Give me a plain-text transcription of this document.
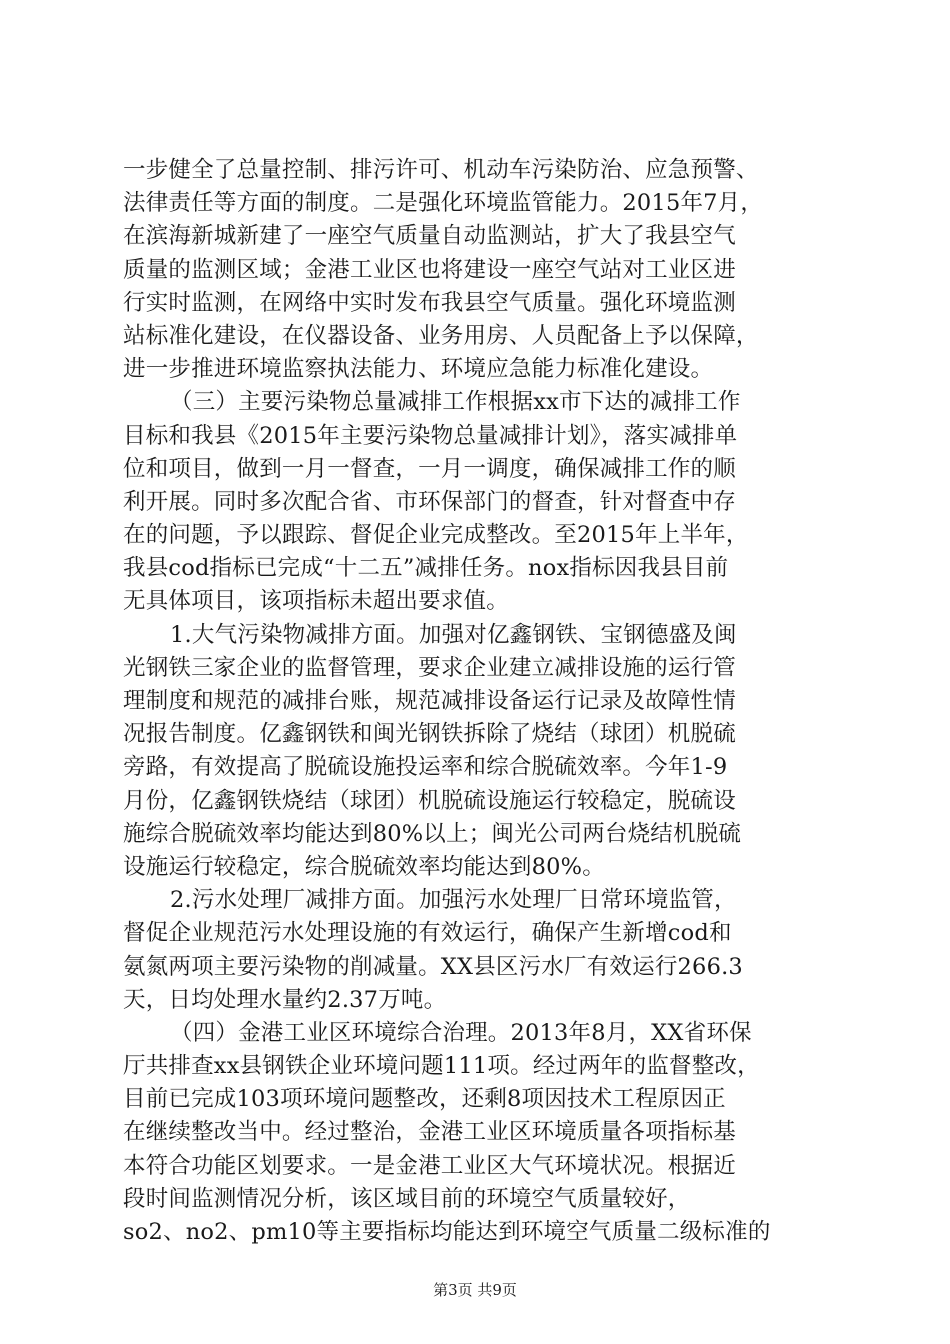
一步健全了总量控制、排污许可、机动车污染防治、应急预警、
法律责任等方面的制度。二是强化环境监管能力。2015年7月，
在滨海新城新建了一座空气质量自动监测站，扩大了我县空气
质量的监测区域；金港工业区也将建设一座空气站对工业区进
行实时监测，在网络中实时发布我县空气质量。强化环境监测
站标准化建设，在仪器设备、业务用房、人员配备上予以保障，
进一步推进环境监察执法能力、环境应急能力标准化建设。
（三）主要污染物总量减排工作根据xx市下达的减排工作
目标和我县《2015年主要污染物总量减排计划》，落实减排单
位和项目，做到一月一督查，一月一调度，确保减排工作的顺
利开展。同时多次配合省、市环保部门的督查，针对督查中存
在的问题，予以跟踪、督促企业完成整改。至2015年上半年，
我县cod指标已完成“十二五”减排任务。nox指标因我县目前
无具体项目，该项指标未超出要求值。
1.大气污染物减排方面。加强对亿鑫钢铁、宝钢德盛及闽
光钢铁三家企业的监督管理，要求企业建立减排设施的运行管
理制度和规范的减排台账，规范减排设备运行记录及故障性情
况报告制度。亿鑫钢铁和闽光钢铁拆除了烧结（球团）机脱硫
旁路，有效提高了脱硫设施投运率和综合脱硫效率。今年1-9
月份，亿鑫钢铁烧结（球团）机脱硫设施运行较稳定，脱硫设
施综合脱硫效率均能达到80%以上；闽光公司两台烧结机脱硫
设施运行较稳定，综合脱硫效率均能达到80%。
2.污水处理厂减排方面。加强污水处理厂日常环境监管，
督促企业规范污水处理设施的有效运行，确保产生新增cod和
氨氮两项主要污染物的削减量。XX县区污水厂有效运行266.3
天，日均处理水量约2.37万吨。
（四）金港工业区环境综合治理。2013年8月，XX省环保
厅共排查xx县钢铁企业环境问题111项。经过两年的监督整改，
目前已完成103项环境问题整改，还剩8项因技术工程原因正
在继续整改当中。经过整治，金港工业区环境质量各项指标基
本符合功能区划要求。一是金港工业区大气环境状况。根据近
段时间监测情况分析，该区域目前的环境空气质量较好，
so2、no2、pm10等主要指标均能达到环境空气质量二级标准的
第3页 共9页
